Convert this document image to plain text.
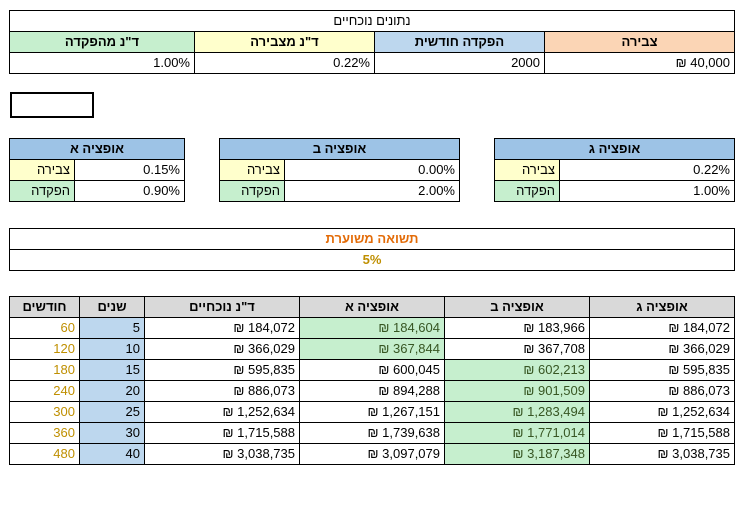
נתונים נוכחיים			
צבירה	הפקדה חודשית	ד"נ מצבירה	ד"נ מהפקדה
40,000 ₪	2000	0.22%	1.00%
אופציה ג			אופציה ב			אופציה א	
0.22%	צבירה		0.00%	צבירה		0.15%	צבירה
1.00%	הפקדה		2.00%	הפקדה		0.90%	הפקדה
תשואה משוערת
5%
אופציה ג	אופציה ב	אופציה א	ד"נ נוכחיים	שנים	חודשים
184,072 ₪	183,966 ₪	184,604 ₪	184,072 ₪	5	60
366,029 ₪	367,708 ₪	367,844 ₪	366,029 ₪	10	120
595,835 ₪	602,213 ₪	600,045 ₪	595,835 ₪	15	180
886,073 ₪	901,509 ₪	894,288 ₪	886,073 ₪	20	240
1,252,634 ₪	1,283,494 ₪	1,267,151 ₪	1,252,634 ₪	25	300
1,715,588 ₪	1,771,014 ₪	1,739,638 ₪	1,715,588 ₪	30	360
3,038,735 ₪	3,187,348 ₪	3,097,079 ₪	3,038,735 ₪	40	480
